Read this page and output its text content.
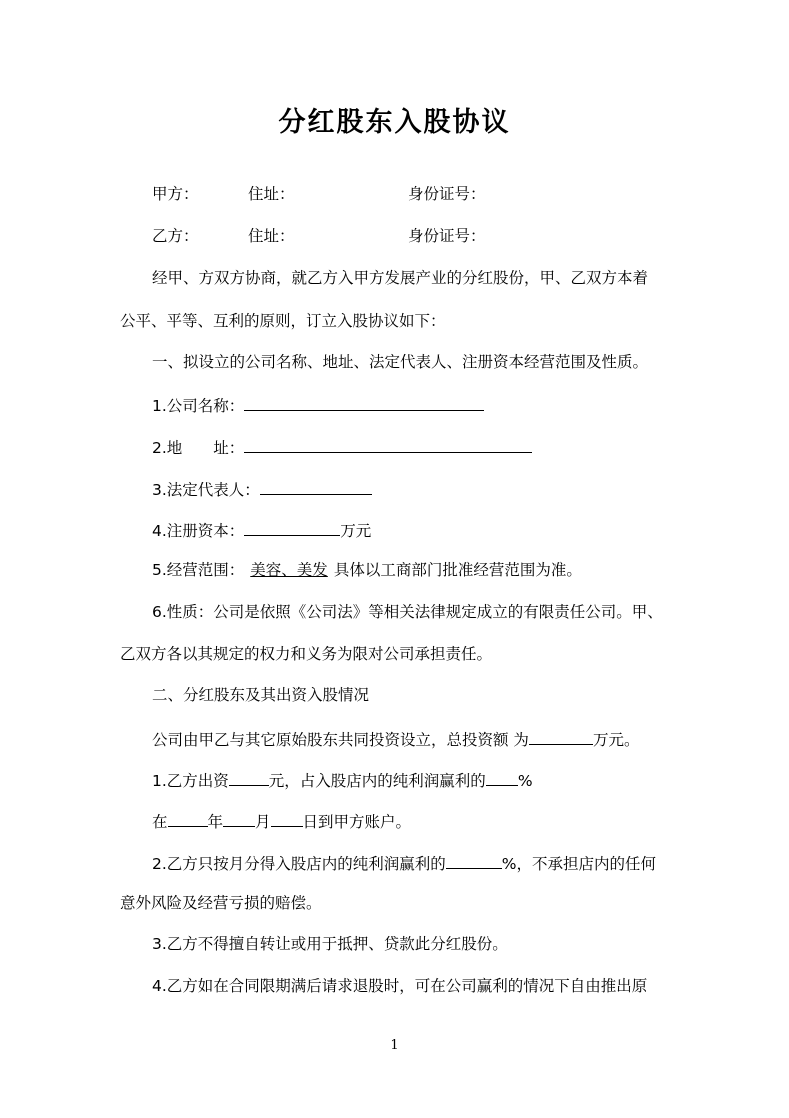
分红股东入股协议
甲方：	住址：	身份证号：
乙方：	住址：	身份证号：
经甲、方双方协商，就乙方入甲方发展产业的分红股份，甲、乙双方本着
公平、平等、互利的原则，订立入股协议如下：
一、拟设立的公司名称、地址、法定代表人、注册资本经营范围及性质。
1.公司名称：
2.地　　址：
3.法定代表人：
4.注册资本：	万元
5.经营范围： 美容、美发 具体以工商部门批准经营范围为准。
6.性质：公司是依照《公司法》等相关法律规定成立的有限责任公司。甲、
乙双方各以其规定的权力和义务为限对公司承担责任。
二、分红股东及其出资入股情况
公司由甲乙与其它原始股东共同投资设立，总投资额 为	万元。
1.乙方出资	元，占入股店内的纯利润赢利的 %
在	年 月 日到甲方账户。
2.乙方只按月分得入股店内的纯利润赢利的	%，不承担店内的任何
意外风险及经营亏损的赔偿。
3.乙方不得擅自转让或用于抵押、贷款此分红股份。
4.乙方如在合同限期满后请求退股时，可在公司赢利的情况下自由推出原
1
